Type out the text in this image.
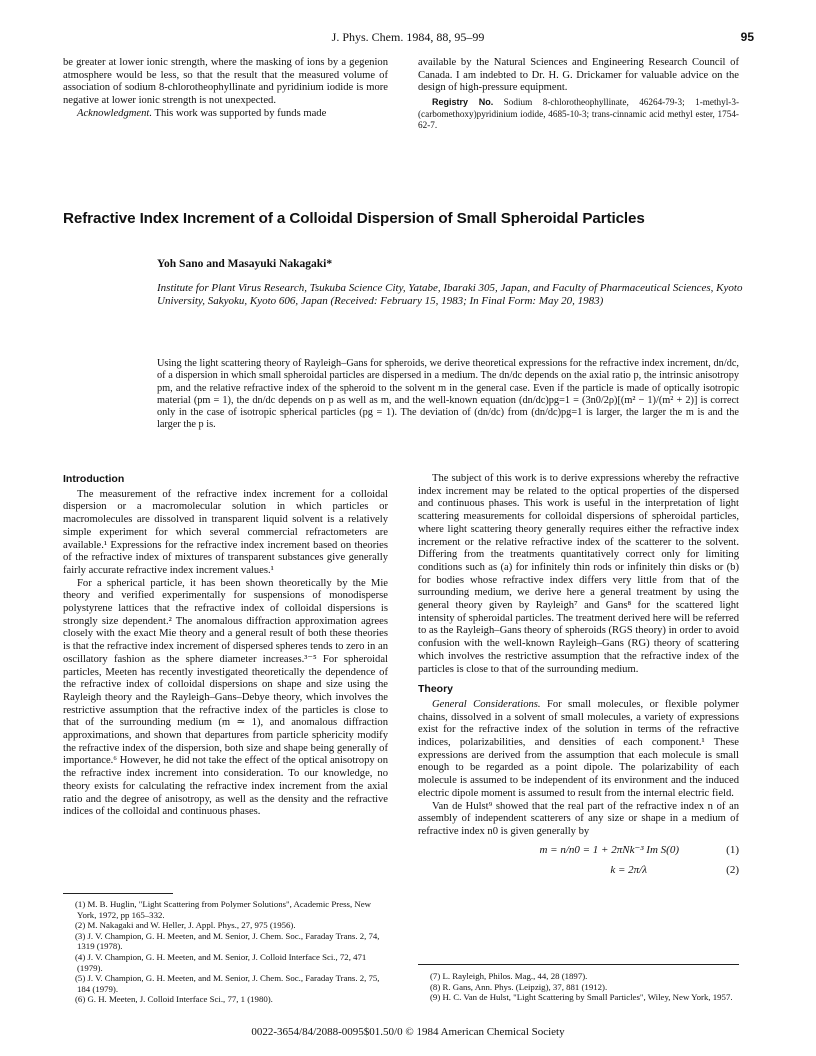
J. Phys. Chem. 1984, 88, 95–99	95

be greater at lower ionic strength, where the masking of ions by a gegenion atmosphere would be less, so that the result that the measured volume of association of sodium 8-chlorotheophyllinate and pyridinium iodide is more negative at lower ionic strength is not unexpected.

Acknowledgment. This work was supported by funds made

available by the Natural Sciences and Engineering Research Council of Canada. I am indebted to Dr. H. G. Drickamer for valuable advice on the design of high-pressure equipment.

Registry No. Sodium 8-chlorotheophyllinate, 46264-79-3; 1-methyl-3-(carbomethoxy)pyridinium iodide, 4685-10-3; trans-cinnamic acid methyl ester, 1754-62-7.

Refractive Index Increment of a Colloidal Dispersion of Small Spheroidal Particles
Yoh Sano and Masayuki Nakagaki*
Institute for Plant Virus Research, Tsukuba Science City, Yatabe, Ibaraki 305, Japan, and Faculty of Pharmaceutical Sciences, Kyoto University, Sakyoku, Kyoto 606, Japan (Received: February 15, 1983; In Final Form: May 20, 1983)
Using the light scattering theory of Rayleigh–Gans for spheroids, we derive theoretical expressions for the refractive index increment, dn/dc, of a dispersion in which small spheroidal particles are dispersed in a medium. The dn/dc depends on the axial ratio p, the intrinsic anisotropy pm, and the relative refractive index of the spheroid to the solvent m in the general case. Even if the particle is made of optically isotropic material (pm = 1), the dn/dc depends on p as well as m, and the well-known equation (dn/dc)pg=1 = (3n0/2ρ)[(m² − 1)/(m² + 2)] is correct only in the case of isotropic spherical particles (pg = 1). The deviation of (dn/dc) from (dn/dc)pg=1 is larger, the larger the m is and the larger the p is.

Introduction

The measurement of the refractive index increment for a colloidal dispersion or a macromolecular solution in which particles or macromolecules are dissolved in transparent liquid solvent is a relatively simple experiment for which several commercial refractometers are available.¹ Expressions for the refractive index increment based on theories of the refractive index of mixtures of transparent substances give generally fairly accurate refractive index increment values.¹

For a spherical particle, it has been shown theoretically by the Mie theory and verified experimentally for suspensions of monodisperse polystyrene lattices that the refractive index of colloidal dispersions is strongly size dependent.² The anomalous diffraction approximation agrees closely with the exact Mie theory and a general result of both these theories is that the refractive index increment of dispersed spheres tends to zero in an oscillatory fashion as the sphere diameter increases.³⁻⁵ For spheroidal particles, Meeten has recently investigated theoretically the dependence of the refractive index of colloidal dispersions on shape and size using the Rayleigh theory and the Rayleigh–Gans–Debye theory, which involves the restrictive assumption that the refractive index of the particles is close to that of the surrounding medium (m ≃ 1), and anomalous diffraction approximations, and shown that departures from particle sphericity modify the refractive index of the dispersion, both size and shape being generally of importance.⁶ However, he did not take the effect of the optical anisotropy on the refractive index increment into consideration. To our knowledge, no theory exists for calculating the refractive index increment from the axial ratio and the degree of anisotropy, as well as the density and the refractive indices of the colloidal and continuous phases.

The subject of this work is to derive expressions whereby the refractive index increment may be related to the optical properties of the dispersed and continuous phases. This work is useful in the interpretation of light scattering measurements for colloidal dispersions of spheroidal particles, where light scattering theory generally requires either the refractive index increment or the relative refractive index of the scatterer to the solvent. Differing from the treatments quantitatively correct only for limiting conditions such as (a) for infinitely thin rods or infinitely thin disks or (b) for bodies whose refractive index differs very little from that of the surrounding medium, we derive here a general treatment by using the general theory given by Rayleigh⁷ and Gans⁸ for the scattered light intensity of spheroidal particles. The treatment derived here will be referred to as the Rayleigh–Gans theory of spheroids (RGS theory) in order to avoid confusion with the well-known Rayleigh–Gans (RG) theory of scattering which involves the restrictive assumption that the refractive index of the particles is close to that of the surrounding medium.

Theory

General Considerations. For small molecules, or flexible polymer chains, dissolved in a solvent of small molecules, a variety of expressions exist for the refractive index of the solution in terms of the refractive indices, polarizabilities, and densities of each component.¹ These expressions are derived from the assumption that each molecule is small enough to be regarded as a point dipole. The polarizability of each molecule is assumed to be independent of its environment and the induced electric dipole moment is assumed to result from the internal electric field.

Van de Hulst⁹ showed that the real part of the refractive index n of an assembly of independent scatterers of any size or shape in a medium of refractive index n0 is given generally by

m = n/n0 = 1 + 2πNk⁻³ Im S(0)	(1)
k = 2π/λ	(2)

(1) M. B. Huglin, "Light Scattering from Polymer Solutions", Academic Press, New York, 1972, pp 165–332.

(2) M. Nakagaki and W. Heller, J. Appl. Phys., 27, 975 (1956).

(3) J. V. Champion, G. H. Meeten, and M. Senior, J. Chem. Soc., Faraday Trans. 2, 74, 1319 (1978).

(4) J. V. Champion, G. H. Meeten, and M. Senior, J. Colloid Interface Sci., 72, 471 (1979).

(5) J. V. Champion, G. H. Meeten, and M. Senior, J. Chem. Soc., Faraday Trans. 2, 75, 184 (1979).

(6) G. H. Meeten, J. Colloid Interface Sci., 77, 1 (1980).

(7) L. Rayleigh, Philos. Mag., 44, 28 (1897).

(8) R. Gans, Ann. Phys. (Leipzig), 37, 881 (1912).

(9) H. C. Van de Hulst, "Light Scattering by Small Particles", Wiley, New York, 1957.

0022-3654/84/2088-0095$01.50/0 © 1984 American Chemical Society
